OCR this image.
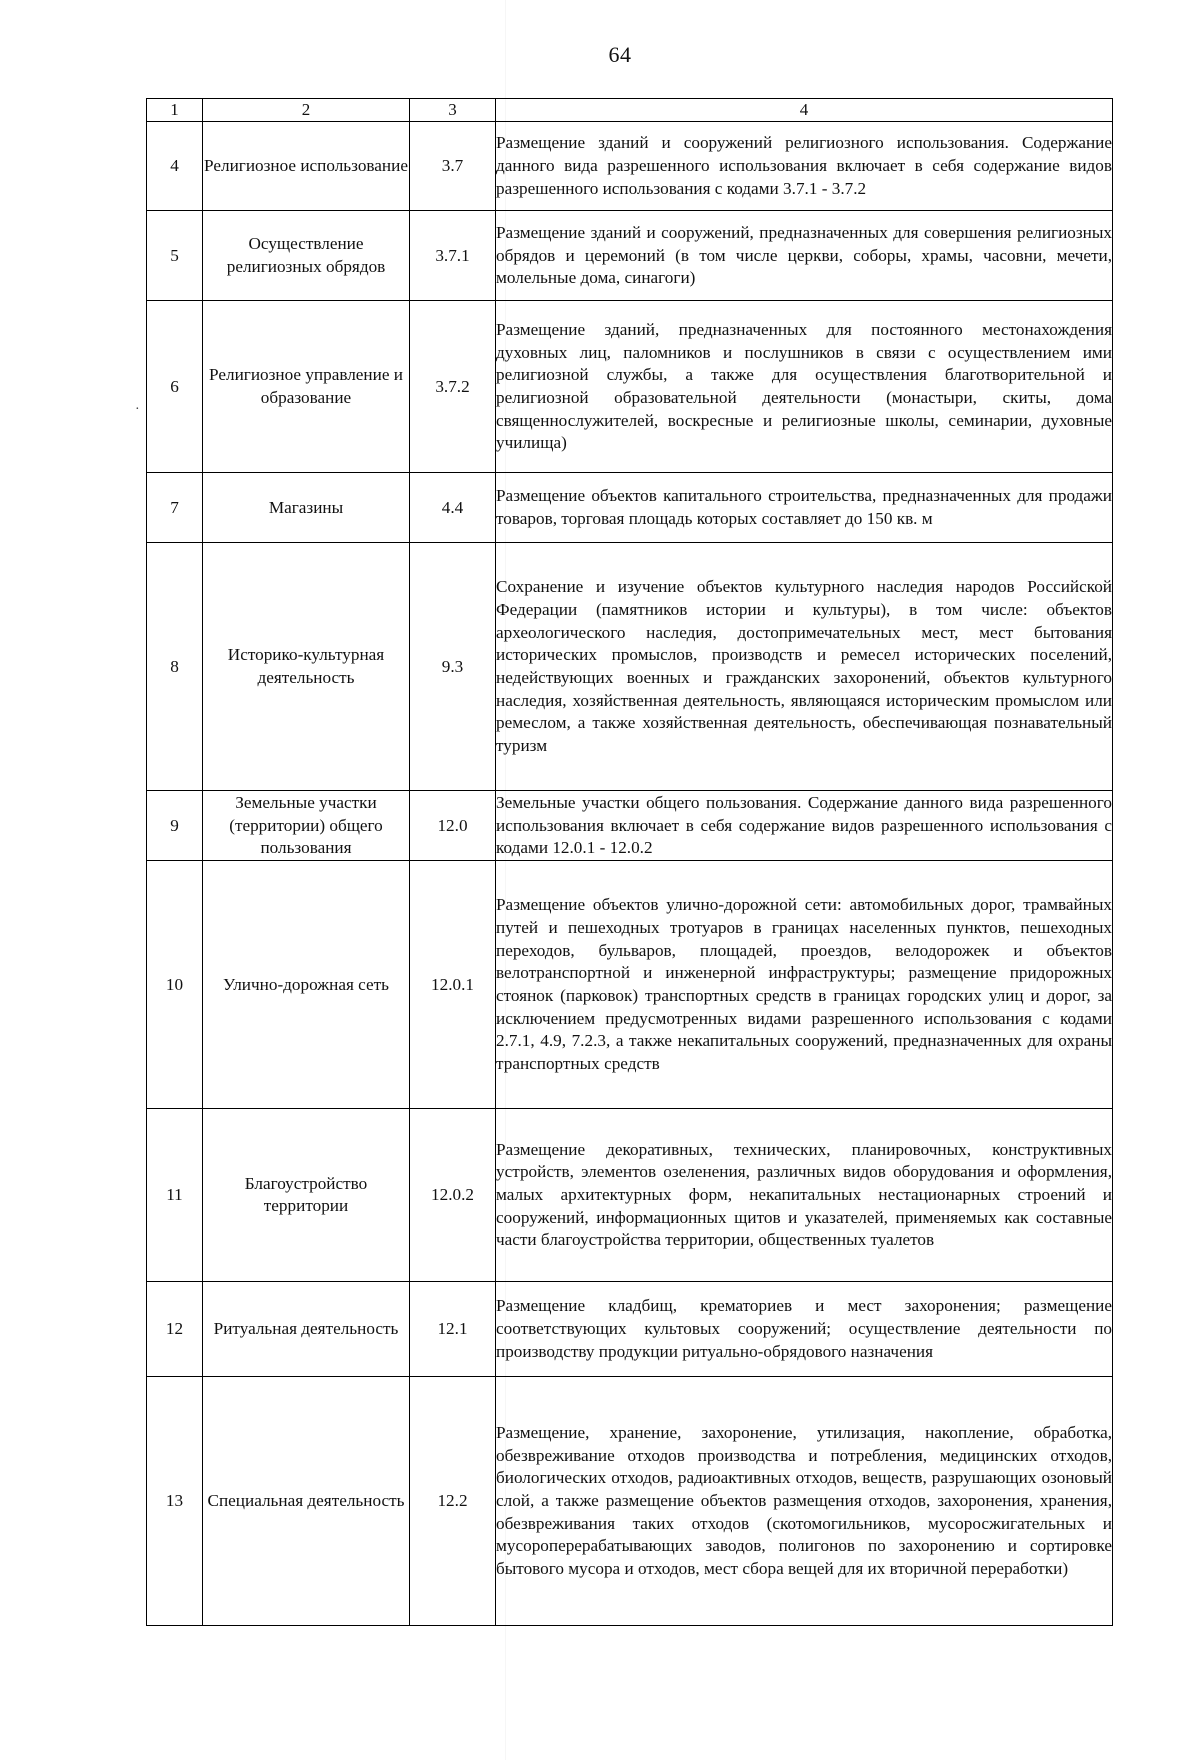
64
·
1	2	3	4
4	Религиозное использование	3.7	Размещение зданий и сооружений религиозного использования. Содержание данного вида разрешенного использования включает в себя содержание видов разрешенного использования с кодами 3.7.1 - 3.7.2

5	Осуществление религиозных обрядов	3.7.1	Размещение зданий и сооружений, предназначенных для совершения религиозных обрядов и церемоний (в том числе церкви, соборы, храмы, часовни, мечети, молельные дома, синагоги)

6	Религиозное управление и образование	3.7.2	Размещение зданий, предназначенных для постоянного местонахождения духовных лиц, паломников и послушников в связи с осуществлением ими религиозной службы, а также для осуществления благотворительной и религиозной образовательной деятельности (монастыри, скиты, дома священнослужителей, воскресные и религиозные школы, семинарии, духовные училища)

7	Магазины	4.4	Размещение объектов капитального строительства, предназначенных для продажи товаров, торговая площадь которых составляет до 150 кв. м

8	Историко-культурная деятельность	9.3	Сохранение и изучение объектов культурного наследия народов Российской Федерации (памятников истории и культуры), в том числе: объектов археологического наследия, достопримечательных мест, мест бытования исторических промыслов, производств и ремесел исторических поселений, недействующих военных и гражданских захоронений, объектов культурного наследия, хозяйственная деятельность, являющаяся историческим промыслом или ремеслом, а также хозяйственная деятельность, обеспечивающая познавательный туризм

9	Земельные участки (территории) общего пользования	12.0	Земельные участки общего пользования. Содержание данного вида разрешенного использования включает в себя содержание видов разрешенного использования с кодами 12.0.1 - 12.0.2

10	Улично-дорожная сеть	12.0.1	Размещение объектов улично-дорожной сети: автомобильных дорог, трамвайных путей и пешеходных тротуаров в границах населенных пунктов, пешеходных переходов, бульваров, площадей, проездов, велодорожек и объектов велотранспортной и инженерной инфраструктуры; размещение придорожных стоянок (парковок) транспортных средств в границах городских улиц и дорог, за исключением предусмотренных видами разрешенного использования с кодами 2.7.1, 4.9, 7.2.3, а также некапитальных сооружений, предназначенных для охраны транспортных средств

11	Благоустройство территории	12.0.2	Размещение декоративных, технических, планировочных, конструктивных устройств, элементов озеленения, различных видов оборудования и оформления, малых архитектурных форм, некапитальных нестационарных строений и сооружений, информационных щитов и указателей, применяемых как составные части благоустройства территории, общественных туалетов

12	Ритуальная деятельность	12.1	Размещение кладбищ, крематориев и мест захоронения; размещение соответствующих культовых сооружений; осуществление деятельности по производству продукции ритуально-обрядового назначения

13	Специальная деятельность	12.2	Размещение, хранение, захоронение, утилизация, накопление, обработка, обезвреживание отходов производства и потребления, медицинских отходов, биологических отходов, радиоактивных отходов, веществ, разрушающих озоновый слой, а также размещение объектов размещения отходов, захоронения, хранения, обезвреживания таких отходов (скотомогильников, мусоросжигательных и мусороперерабатывающих заводов, полигонов по захоронению и сортировке бытового мусора и отходов, мест сбора вещей для их вторичной переработки)
